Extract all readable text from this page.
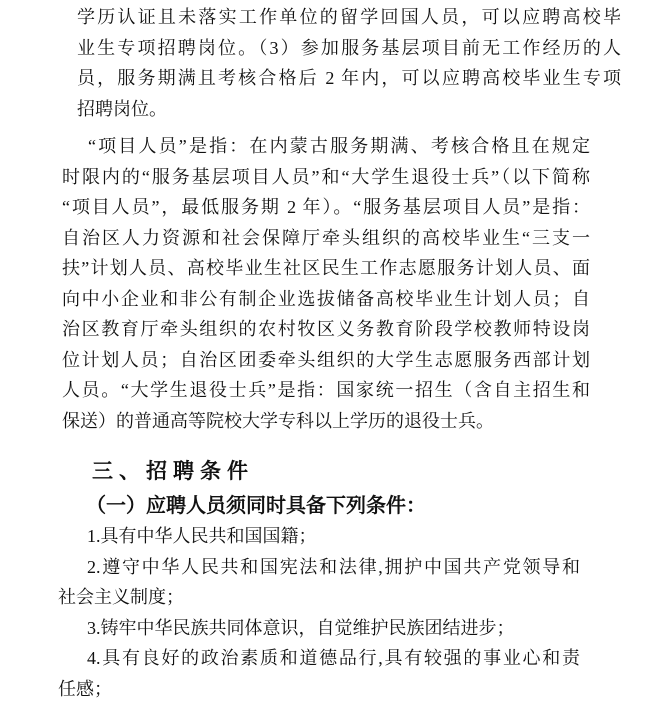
学历认证且未落实工作单位的留学回国人员，可以应聘高校毕
业生专项招聘岗位。（3）参加服务基层项目前无工作经历的人
员，服务期满且考核合格后 2 年内，可以应聘高校毕业生专项
招聘岗位。
“项目人员”是指：在内蒙古服务期满、考核合格且在规定
时限内的“服务基层项目人员”和“大学生退役士兵”（以下简称
“项目人员”，最低服务期 2 年）。“服务基层项目人员”是指：
自治区人力资源和社会保障厅牵头组织的高校毕业生“三支一
扶”计划人员、高校毕业生社区民生工作志愿服务计划人员、面
向中小企业和非公有制企业选拔储备高校毕业生计划人员；自
治区教育厅牵头组织的农村牧区义务教育阶段学校教师特设岗
位计划人员；自治区团委牵头组织的大学生志愿服务西部计划
人员。“大学生退役士兵”是指：国家统一招生（含自主招生和
保送）的普通高等院校大学专科以上学历的退役士兵。
三、招聘条件
（一）应聘人员须同时具备下列条件：
1.具有中华人民共和国国籍；
2.遵守中华人民共和国宪法和法律,拥护中国共产党领导和
社会主义制度；
3.铸牢中华民族共同体意识，自觉维护民族团结进步；
4.具有良好的政治素质和道德品行,具有较强的事业心和责
任感；
